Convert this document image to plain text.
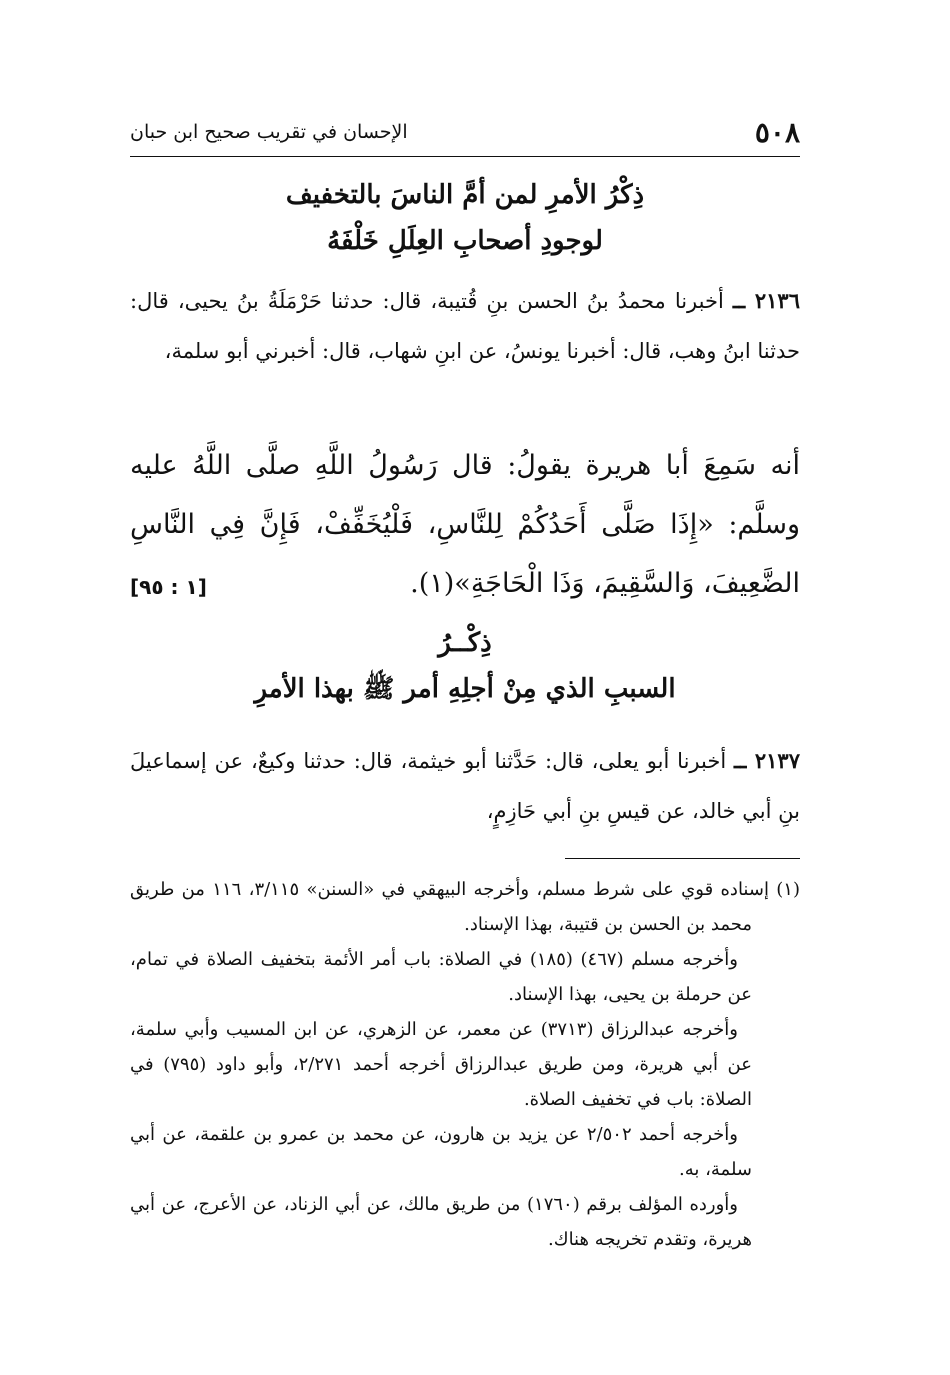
٥٠٨
الإحسان في تقريب صحيح ابن حبان
ذِكْرُ الأمرِ لمن أمَّ الناسَ بالتخفيف
لوجودِ أصحابِ العِلَلِ خَلْفَهُ
٢١٣٦ ــ أخبرنا محمدُ بنُ الحسن بنِ قُتيبة، قال: حدثنا حَرْمَلَةُ بنُ يحيى، قال: حدثنا ابنُ وهب، قال: أخبرنا يونسُ، عن ابنِ شهاب، قال: أخبرني أبو سلمة،
أنه سَمِعَ أبا هريرة يقولُ: قال رَسُولُ اللَّهِ صلَّى اللَّهُ عليه وسلَّم: «إِذَا صَلَّى أَحَدُكُمْ لِلنَّاسِ، فَلْيُخَفِّفْ، فَإِنَّ فِي النَّاسِ الضَّعِيفَ، وَالسَّقِيمَ، وَذَا الْحَاجَةِ»(١).
[١ : ٩٥]
ذِكْــرُ
السببِ الذي مِنْ أجلِهِ أمر ﷺ بهذا الأمرِ
٢١٣٧ ــ أخبرنا أبو يعلى، قال: حَدَّثنا أبو خيثمة، قال: حدثنا وكيعٌ، عن إسماعيلَ بنِ أبي خالد، عن قيسِ بنِ أبي حَازِمٍ،

(١) إسناده قوي على شرط مسلم، وأخرجه البيهقي في «السنن» ٣/١١٥، ١١٦ من طريق محمد بن الحسن بن قتيبة، بهذا الإسناد.

وأخرجه مسلم (٤٦٧) (١٨٥) في الصلاة: باب أمر الأئمة بتخفيف الصلاة في تمام، عن حرملة بن يحيى، بهذا الإسناد.

وأخرجه عبدالرزاق (٣٧١٣) عن معمر، عن الزهري، عن ابن المسيب وأبي سلمة، عن أبي هريرة، ومن طريق عبدالرزاق أخرجه أحمد ٢/٢٧١، وأبو داود (٧٩٥) في الصلاة: باب في تخفيف الصلاة.

وأخرجه أحمد ٢/٥٠٢ عن يزيد بن هارون، عن محمد بن عمرو بن علقمة، عن أبي سلمة، به.

وأورده المؤلف برقم (١٧٦٠) من طريق مالك، عن أبي الزناد، عن الأعرج، عن أبي هريرة، وتقدم تخريجه هناك.
